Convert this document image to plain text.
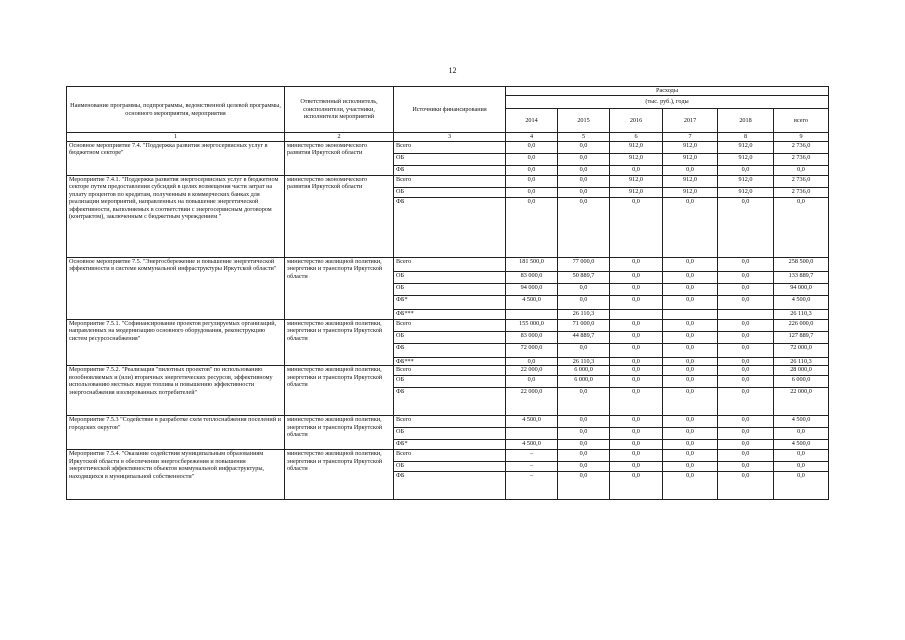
12
Наименование программы, подпрограммы, ведомственной целевой программы, основного мероприятия, мероприятия	Ответственный исполнитель, соисполнители, участники, исполнители мероприятий	Источники финансирования	Расходы					
			(тыс. руб.), годы					
			2014	2015	2016	2017	2018	всего
1	2	3	4	5	6	7	8	9
Основное мероприятие 7.4. "Поддержка развития энергосервисных услуг в бюджетном секторе"	министерство экономического развития Иркутской области	Всего	0,0	0,0	912,0	912,0	912,0	2 736,0
		ОБ	0,0	0,0	912,0	912,0	912,0	2 736,0
		ФБ	0,0	0,0	0,0	0,0	0,0	0,0
Мероприятие 7.4.1. "Поддержка развития энергосервисных услуг в бюджетном секторе путем предоставления субсидий в целях возмещения части затрат на уплату процентов по кредитам, полученным в коммерческих банках для реализации мероприятий, направленных на повышение энергетической эффективности, выполняемых в соответствии с энергосервисным договором (контрактом), заключенным с бюджетным учреждением "	министерство экономического развития Иркутской области	Всего	0,0	0,0	912,0	912,0	912,0	2 736,0
		ОБ	0,0	0,0	912,0	912,0	912,0	2 736,0
		ФБ	0,0	0,0	0,0	0,0	0,0	0,0
Основное мероприятие 7.5. "Энергосбережение и повышение энергетической эффективности в системе коммунальной инфраструктуры Иркутской области"	министерство жилищной политики, энергетики и транспорта Иркутской области	Всего	181 500,0	77 000,0	0,0	0,0	0,0	258 500,0
		ОБ	83 000,0	50 889,7	0,0	0,0	0,0	133 889,7
		ОБ	94 000,0	0,0	0,0	0,0	0,0	94 000,0
		ФБ*	4 500,0	0,0	0,0	0,0	0,0	4 500,0
		ФБ***		26 110,3				26 110,3
Мероприятие 7.5.1. "Софинансирование проектов регулируемых организаций, направленных на модернизацию основного оборудования, реконструкцию систем ресурсоснабжения"	министерство жилищной политики, энергетики и транспорта Иркутской области	Всего	155 000,0	71 000,0	0,0	0,0	0,0	226 000,0
		ОБ	83 000,0	44 889,7	0,0	0,0	0,0	127 889,7
		ФБ	72 000,0	0,0	0,0	0,0	0,0	72 000,0
		ФБ***	0,0	26 110,3	0,0	0,0	0,0	26 110,3
Мероприятие 7.5.2. "Реализация "пилотных проектов" по использованию возобновляемых и (или) вторичных энергетических ресурсов, эффективному использованию местных видов топлива и повышению эффективности энергоснабжения изолированных потребителей"	министерство жилищной политики, энергетики и транспорта Иркутской области	Всего	22 000,0	6 000,0	0,0	0,0	0,0	28 000,0
		ОБ	0,0	6 000,0	0,0	0,0	0,0	6 000,0
		ФБ	22 000,0	0,0	0,0	0,0	0,0	22 000,0
Мероприятие 7.5.3 "Содействие в разработке схем теплоснабжения поселений и городских округов"	министерство жилищной политики, энергетики и транспорта Иркутской области	Всего	4 500,0	0,0	0,0	0,0	0,0	4 500,0
		ОБ		0,0	0,0	0,0	0,0	0,0
		ФБ*	4 500,0	0,0	0,0	0,0	0,0	4 500,0
Мероприятие 7.5.4. "Оказание содействия муниципальным образованиям Иркутской области в обеспечении энергосбережения и повышения энергетической эффективности объектов коммунальной инфраструктуры, находящихся в муниципальной собственности"	министерство жилищной политики, энергетики и транспорта Иркутской области	Всего	–	0,0	0,0	0,0	0,0	0,0
		ОБ	–	0,0	0,0	0,0	0,0	0,0
		ФБ	–	0,0	0,0	0,0	0,0	0,0
